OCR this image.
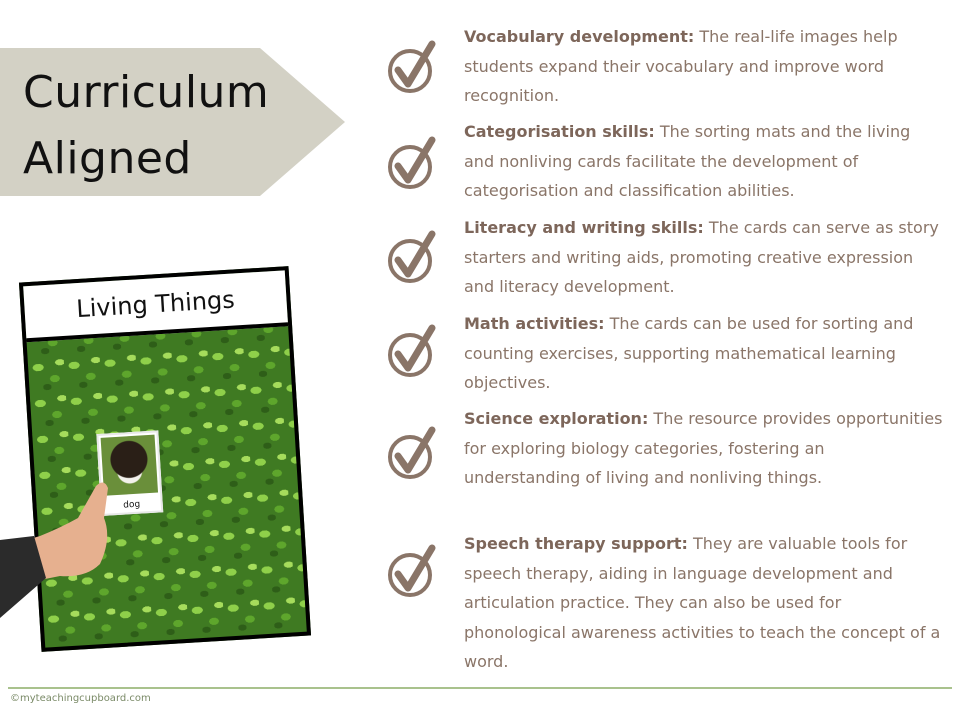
Curriculum
Aligned
Living Things
dog
Vocabulary development: The real-life images help students expand their vocabulary and improve word recognition.
Categorisation skills: The sorting mats and the living and nonliving cards facilitate the development of categorisation and classification abilities.
Literacy and writing skills: The cards can serve as story starters and writing aids, promoting creative expression and literacy development.
Math activities: The cards can be used for sorting and counting exercises, supporting mathematical learning objectives.
Science exploration: The resource provides opportunities for exploring biology categories, fostering an understanding of living and nonliving things.
Speech therapy support: They are valuable tools for speech therapy, aiding in language development and articulation practice. They can also be used for phonological awareness activities to teach the concept of a word.
©myteachingcupboard.com
